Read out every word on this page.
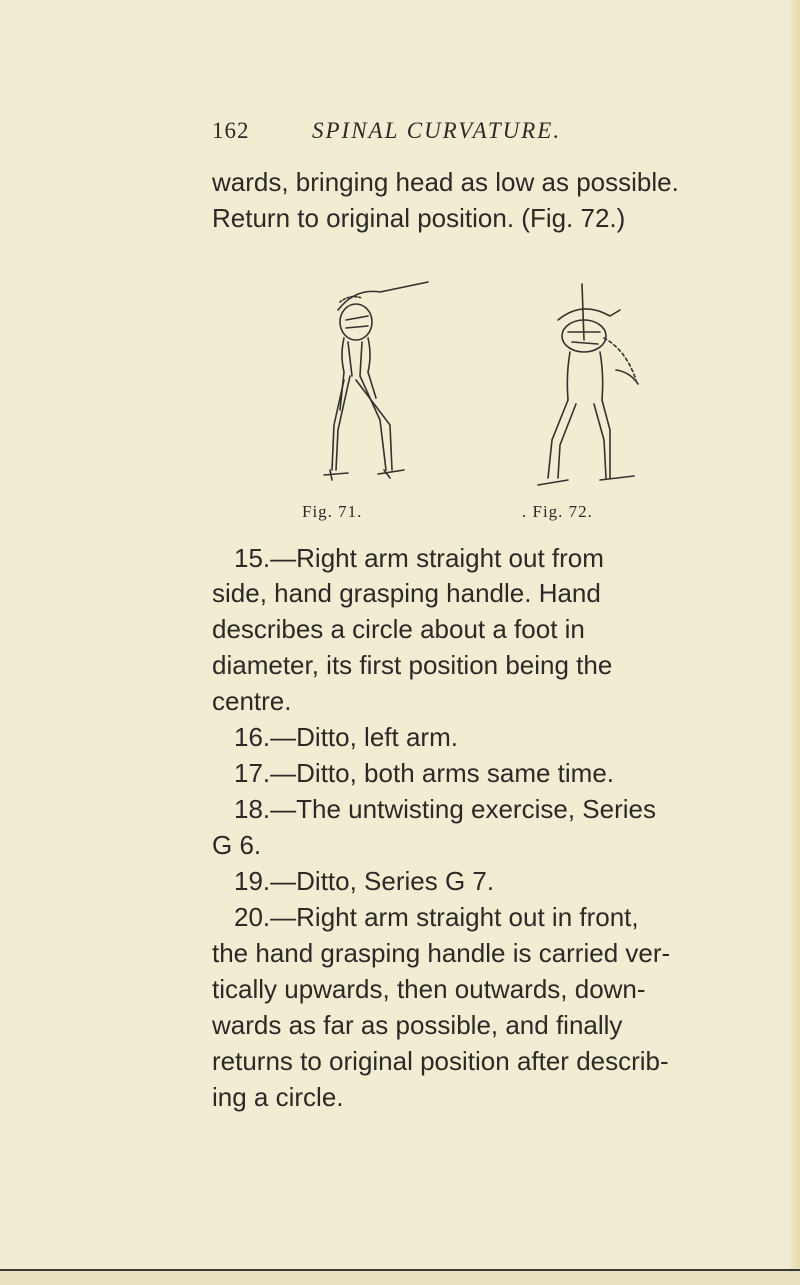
162	SPINAL CURVATURE.
wards, bringing head as low as possible.
Return to original position. (Fig. 72.)
15.—Right arm straight out from
side, hand grasping handle. Hand
describes a circle about a foot in
diameter, its first position being the
centre.
16.—Ditto, left arm.
17.—Ditto, both arms same time.
18.—The untwisting exercise, Series
G 6.
19.—Ditto, Series G 7.
20.—Right arm straight out in front,
the hand grasping handle is carried ver-
tically upwards, then outwards, down-
wards as far as possible, and finally
returns to original position after describ-
ing a circle.
Fig. 71.	. Fig. 72.
